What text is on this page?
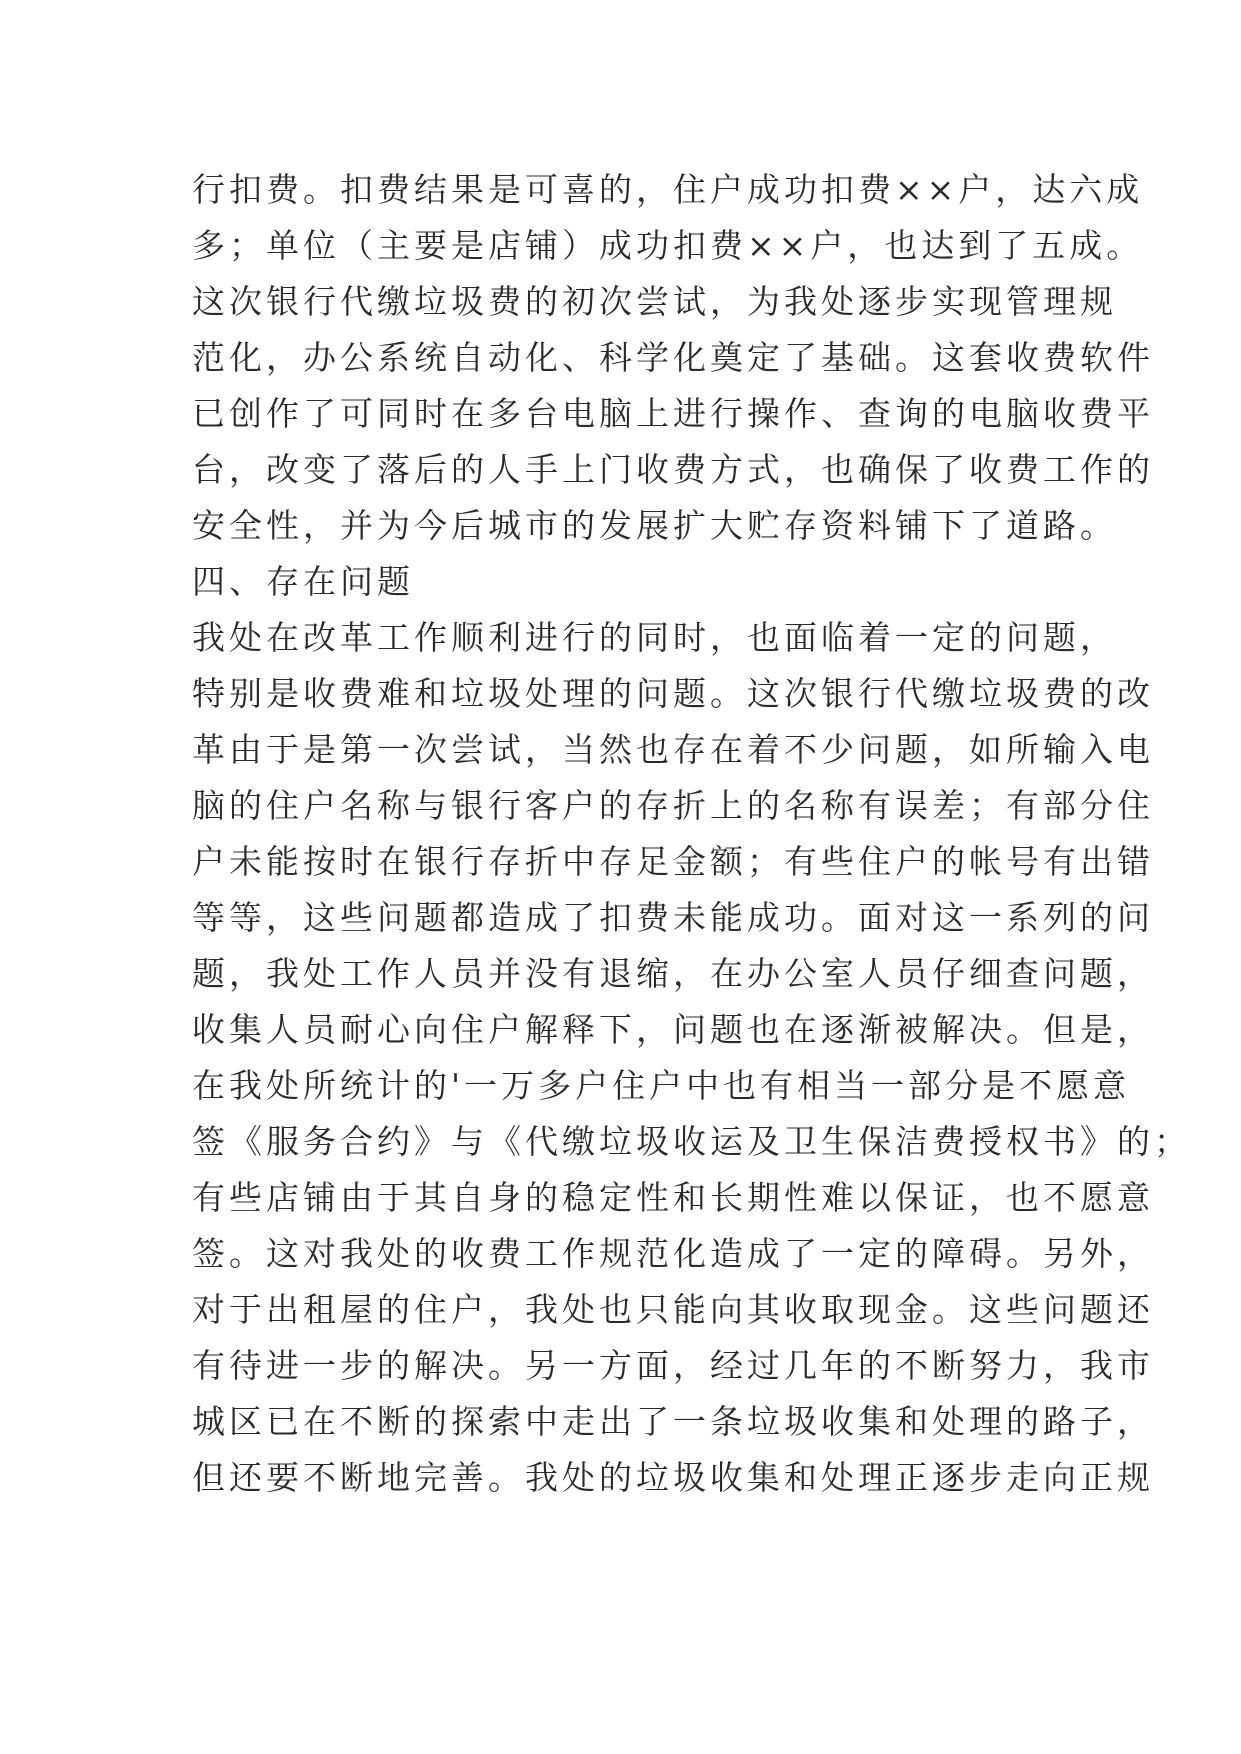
行扣费。扣费结果是可喜的，住户成功扣费××户，达六成
多；单位（主要是店铺）成功扣费××户，也达到了五成。
这次银行代缴垃圾费的初次尝试，为我处逐步实现管理规
范化，办公系统自动化、科学化奠定了基础。这套收费软件
已创作了可同时在多台电脑上进行操作、查询的电脑收费平
台，改变了落后的人手上门收费方式，也确保了收费工作的
安全性，并为今后城市的发展扩大贮存资料铺下了道路。
四、存在问题
我处在改革工作顺利进行的同时，也面临着一定的问题，
特别是收费难和垃圾处理的问题。这次银行代缴垃圾费的改
革由于是第一次尝试，当然也存在着不少问题，如所输入电
脑的住户名称与银行客户的存折上的名称有误差；有部分住
户未能按时在银行存折中存足金额；有些住户的帐号有出错
等等，这些问题都造成了扣费未能成功。面对这一系列的问
题，我处工作人员并没有退缩，在办公室人员仔细查问题，
收集人员耐心向住户解释下，问题也在逐渐被解决。但是，
在我处所统计的'一万多户住户中也有相当一部分是不愿意
签《服务合约》与《代缴垃圾收运及卫生保洁费授权书》的；
有些店铺由于其自身的稳定性和长期性难以保证，也不愿意
签。这对我处的收费工作规范化造成了一定的障碍。另外，
对于出租屋的住户，我处也只能向其收取现金。这些问题还
有待进一步的解决。另一方面，经过几年的不断努力，我市
城区已在不断的探索中走出了一条垃圾收集和处理的路子，
但还要不断地完善。我处的垃圾收集和处理正逐步走向正规
